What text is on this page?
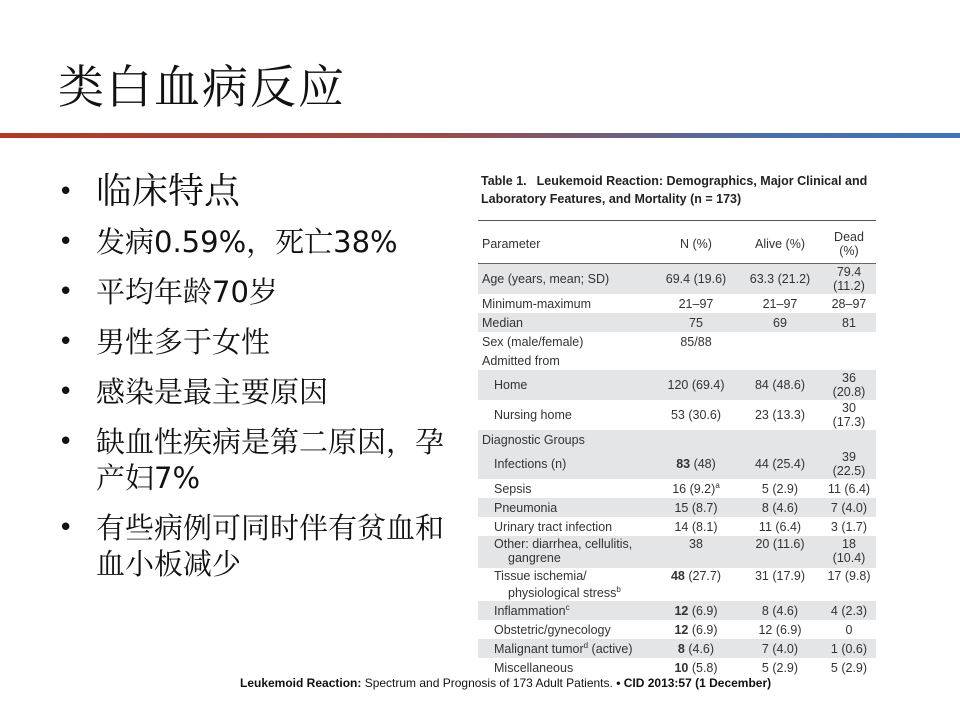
类白血病反应
• 临床特点
• 发病0.59%，死亡38%
• 平均年龄70岁
• 男性多于女性
• 感染是最主要原因
• 缺血性疾病是第二原因，孕产妇7%
• 有些病例可同时伴有贫血和血小板减少
Table 1. Leukemoid Reaction: Demographics, Major Clinical and
Laboratory Features, and Mortality (n = 173)

Parameter	N (%)	Alive (%)	Dead (%)
Age (years, mean; SD)	69.4 (19.6)	63.3 (21.2)	79.4 (11.2)
Minimum-maximum	21–97	21–97	28–97
Median	75	69	81
Sex (male/female)	85/88		
Admitted from			
Home	120 (69.4)	84 (48.6)	36 (20.8)
Nursing home	53 (30.6)	23 (13.3)	30 (17.3)
Diagnostic Groups			
Infections (n)	83 (48)	44 (25.4)	39 (22.5)
Sepsis	16 $(9.2)^a$	5 (2.9)	11 (6.4)
Pneumonia	15 (8.7)	8 (4.6)	7 (4.0)
Urinary tract infection	14 (8.1)	11 (6.4)	3 (1.7)
Other: diarrhea, cellulitis,
gangrene	38	20 (11.6)	18 (10.4)
Tissue ischemia/
physiological stress$^b$	48 (27.7)	31 (17.9)	17 (9.8)
Inflammation$^c$	12 (6.9)	8 (4.6)	4 (2.3)
Obstetric/gynecology	12 (6.9)	12 (6.9)	0
Malignant tumor$^d$ (active)	8 (4.6)	7 (4.0)	1 (0.6)
Miscellaneous	10 (5.8)	5 (2.9)	5 (2.9)
Leukemoid Reaction: Spectrum and Prognosis of 173 Adult Patients. • CID 2013:57 (1 December)
